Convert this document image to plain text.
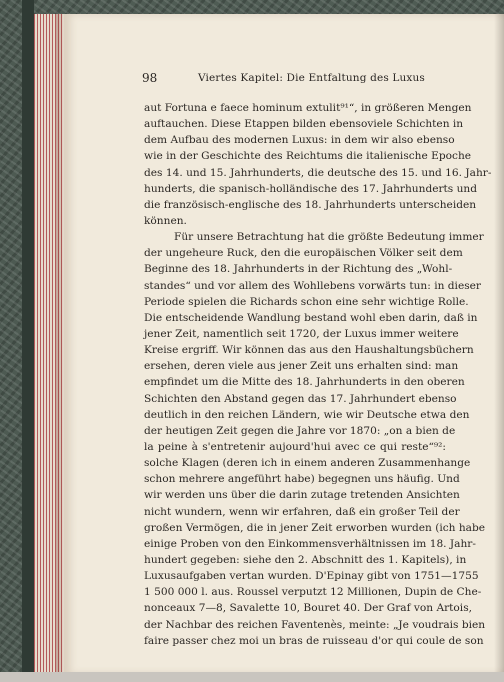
98	Viertes Kapitel: Die Entfaltung des Luxus
aut Fortuna e faece hominum extulit⁹¹“, in größeren Mengen
auftauchen. Diese Etappen bilden ebensoviele Schichten in
dem Aufbau des modernen Luxus: in dem wir also ebenso
wie in der Geschichte des Reichtums die italienische Epoche
des 14. und 15. Jahrhunderts, die deutsche des 15. und 16. Jahr-
hunderts, die spanisch-holländische des 17. Jahrhunderts und
die französisch-englische des 18. Jahrhunderts unterscheiden
können.
Für unsere Betrachtung hat die größte Bedeutung immer
der ungeheure Ruck, den die europäischen Völker seit dem
Beginne des 18. Jahrhunderts in der Richtung des „Wohl-
standes“ und vor allem des Wohllebens vorwärts tun: in dieser
Periode spielen die Richards schon eine sehr wichtige Rolle.
Die entscheidende Wandlung bestand wohl eben darin, daß in
jener Zeit, namentlich seit 1720, der Luxus immer weitere
Kreise ergriff. Wir können das aus den Haushaltungsbüchern
ersehen, deren viele aus jener Zeit uns erhalten sind: man
empfindet um die Mitte des 18. Jahrhunderts in den oberen
Schichten den Abstand gegen das 17. Jahrhundert ebenso
deutlich in den reichen Ländern, wie wir Deutsche etwa den
der heutigen Zeit gegen die Jahre vor 1870: „on a bien de
la peine à s'entretenir aujourd'hui avec ce qui reste“⁹²:
solche Klagen (deren ich in einem anderen Zusammenhange
schon mehrere angeführt habe) begegnen uns häufig. Und
wir werden uns über die darin zutage tretenden Ansichten
nicht wundern, wenn wir erfahren, daß ein großer Teil der
großen Vermögen, die in jener Zeit erworben wurden (ich habe
einige Proben von den Einkommensverhältnissen im 18. Jahr-
hundert gegeben: siehe den 2. Abschnitt des 1. Kapitels), in
Luxusaufgaben vertan wurden. D'Epinay gibt von 1751—1755
1 500 000 l. aus. Roussel verputzt 12 Millionen, Dupin de Che-
nonceaux 7—8, Savalette 10, Bouret 40. Der Graf von Artois,
der Nachbar des reichen Faventenès, meinte: „Je voudrais bien
faire passer chez moi un bras de ruisseau d'or qui coule de son
